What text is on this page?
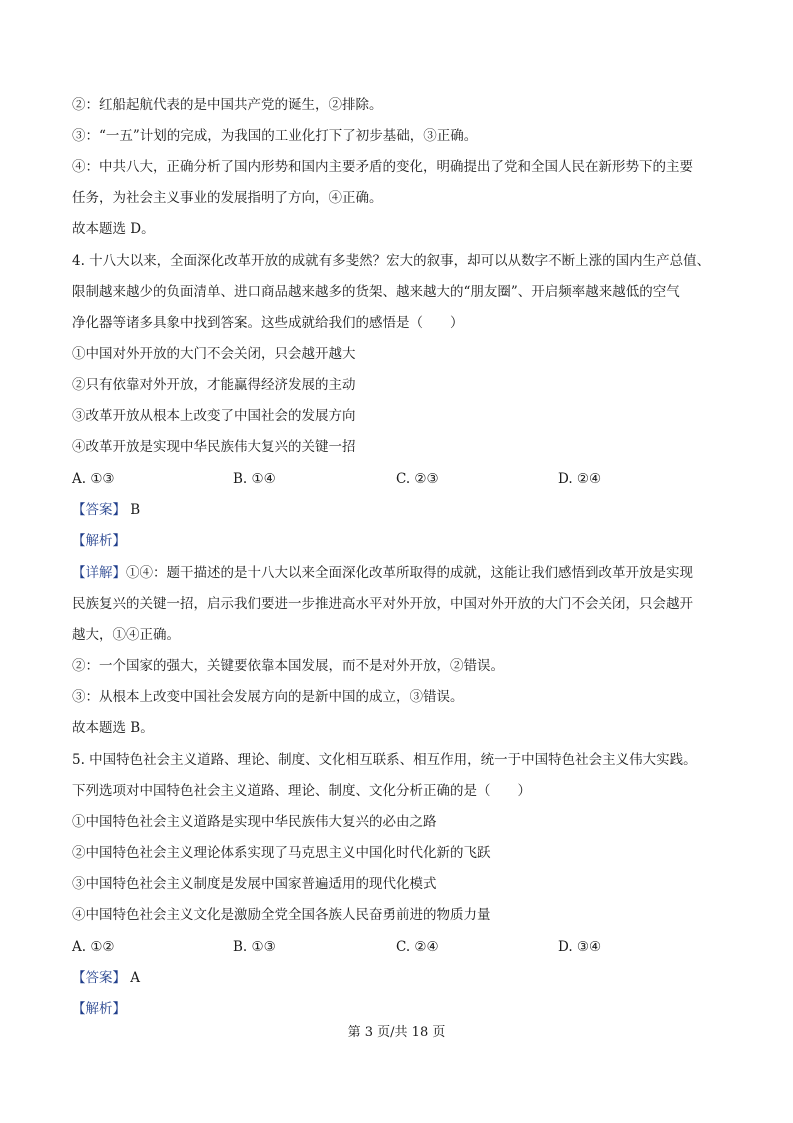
②：红船起航代表的是中国共产党的诞生，②排除。
③：“一五”计划的完成，为我国的工业化打下了初步基础，③正确。
④：中共八大，正确分析了国内形势和国内主要矛盾的变化，明确提出了党和全国人民在新形势下的主要
任务，为社会主义事业的发展指明了方向，④正确。
故本题选 D。
4. 十八大以来，全面深化改革开放的成就有多斐然？宏大的叙事，却可以从数字不断上涨的国内生产总值、
限制越来越少的负面清单、进口商品越来越多的货架、越来越大的“朋友圈”、开启频率越来越低的空气
净化器等诸多具象中找到答案。这些成就给我们的感悟是（　　）
①中国对外开放的大门不会关闭，只会越开越大
②只有依靠对外开放，才能赢得经济发展的主动
③改革开放从根本上改变了中国社会的发展方向
④改革开放是实现中华民族伟大复兴的关键一招
A. ①③	B. ①④	C. ②③	D. ②④
【答案】 B
【解析】
【详解】①④：题干描述的是十八大以来全面深化改革所取得的成就，这能让我们感悟到改革开放是实现
民族复兴的关键一招，启示我们要进一步推进高水平对外开放，中国对外开放的大门不会关闭，只会越开
越大，①④正确。
②：一个国家的强大，关键要依靠本国发展，而不是对外开放，②错误。
③：从根本上改变中国社会发展方向的是新中国的成立，③错误。
故本题选 B。
5. 中国特色社会主义道路、理论、制度、文化相互联系、相互作用，统一于中国特色社会主义伟大实践。
下列选项对中国特色社会主义道路、理论、制度、文化分析正确的是（　　）
①中国特色社会主义道路是实现中华民族伟大复兴的必由之路
②中国特色社会主义理论体系实现了马克思主义中国化时代化新的飞跃
③中国特色社会主义制度是发展中国家普遍适用的现代化模式
④中国特色社会主义文化是激励全党全国各族人民奋勇前进的物质力量
A. ①②	B. ①③	C. ②④	D. ③④
【答案】 A
【解析】
第 3 页/共 18 页
